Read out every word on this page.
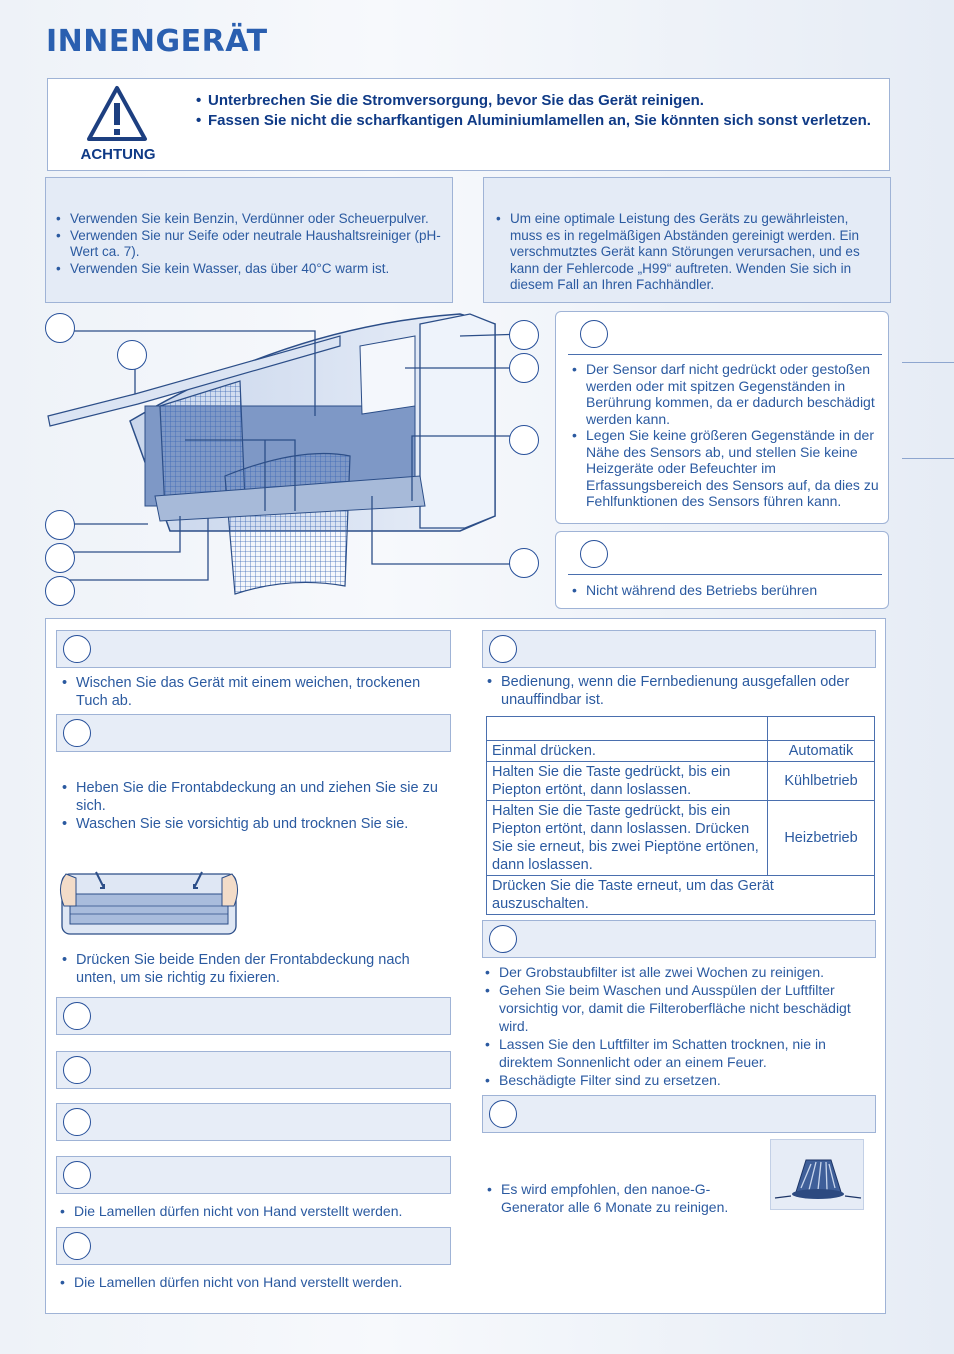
INNENGERÄT
ACHTUNG
• Unterbrechen Sie die Stromversorgung, bevor Sie das Gerät reinigen.
• Fassen Sie nicht die scharfkantigen Aluminiumlamellen an, Sie könnten sich sonst verletzen.
• Verwenden Sie kein Benzin, Verdünner oder Scheuerpulver.
• Verwenden Sie nur Seife oder neutrale Haushaltsreiniger (pH-Wert ca. 7).
• Verwenden Sie kein Wasser, das über 40°C warm ist.
• Um eine optimale Leistung des Geräts zu gewährleisten, muss es in regelmäßigen Abständen gereinigt werden. Ein verschmutztes Gerät kann Störungen verursachen, und es kann der Fehlercode „H99“ auftreten. Wenden Sie sich in diesem Fall an Ihren Fachhändler.
• Der Sensor darf nicht gedrückt oder gestoßen werden oder mit spitzen Gegenständen in Berührung kommen, da er dadurch beschädigt werden kann.
• Legen Sie keine größeren Gegenstände in der Nähe des Sensors ab, und stellen Sie keine Heizgeräte oder Befeuchter im Erfassungsbereich des Sensors auf, da dies zu Fehlfunktionen des Sensors führen kann.
• Nicht während des Betriebs berühren
• Wischen Sie das Gerät mit einem weichen, trockenen Tuch ab.
• Heben Sie die Frontabdeckung an und ziehen Sie sie zu sich.
• Waschen Sie sie vorsichtig ab und trocknen Sie sie.
• Drücken Sie beide Enden der Frontabdeckung nach unten, um sie richtig zu fixieren.
• Die Lamellen dürfen nicht von Hand verstellt werden.
• Die Lamellen dürfen nicht von Hand verstellt werden.
• Bedienung, wenn die Fernbedienung ausgefallen oder unauffindbar ist.

Einmal drücken.	Automatik
Halten Sie die Taste gedrückt, bis ein Piepton ertönt, dann loslassen.	Kühlbetrieb
Halten Sie die Taste gedrückt, bis ein Piepton ertönt, dann loslassen. Drücken Sie sie erneut, bis zwei Pieptöne ertönen, dann loslassen.	Heizbetrieb
Drücken Sie die Taste erneut, um das Gerät auszuschalten.	
• Der Grobstaubfilter ist alle zwei Wochen zu reinigen.
• Gehen Sie beim Waschen und Ausspülen der Luftfilter vorsichtig vor, damit die Filteroberfläche nicht beschädigt wird.
• Lassen Sie den Luftfilter im Schatten trocknen, nie in direktem Sonnenlicht oder an einem Feuer.
• Beschädigte Filter sind zu ersetzen.
• Es wird empfohlen, den nanoe-G-Generator alle 6 Monate zu reinigen.
